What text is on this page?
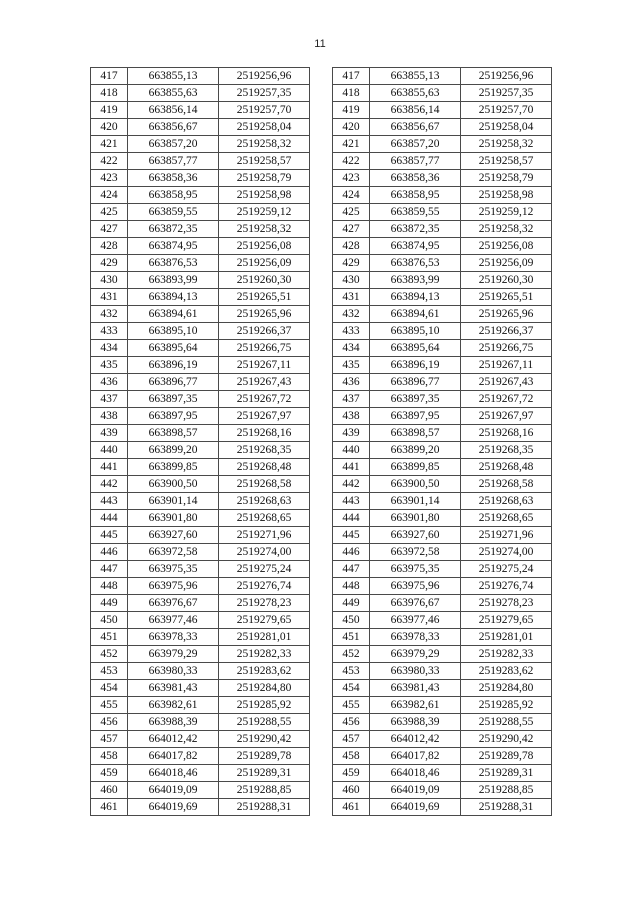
11
417	663855,13	2519256,96
418	663855,63	2519257,35
419	663856,14	2519257,70
420	663856,67	2519258,04
421	663857,20	2519258,32
422	663857,77	2519258,57
423	663858,36	2519258,79
424	663858,95	2519258,98
425	663859,55	2519259,12
427	663872,35	2519258,32
428	663874,95	2519256,08
429	663876,53	2519256,09
430	663893,99	2519260,30
431	663894,13	2519265,51
432	663894,61	2519265,96
433	663895,10	2519266,37
434	663895,64	2519266,75
435	663896,19	2519267,11
436	663896,77	2519267,43
437	663897,35	2519267,72
438	663897,95	2519267,97
439	663898,57	2519268,16
440	663899,20	2519268,35
441	663899,85	2519268,48
442	663900,50	2519268,58
443	663901,14	2519268,63
444	663901,80	2519268,65
445	663927,60	2519271,96
446	663972,58	2519274,00
447	663975,35	2519275,24
448	663975,96	2519276,74
449	663976,67	2519278,23
450	663977,46	2519279,65
451	663978,33	2519281,01
452	663979,29	2519282,33
453	663980,33	2519283,62
454	663981,43	2519284,80
455	663982,61	2519285,92
456	663988,39	2519288,55
457	664012,42	2519290,42
458	664017,82	2519289,78
459	664018,46	2519289,31
460	664019,09	2519288,85
461	664019,69	2519288,31
417	663855,13	2519256,96
418	663855,63	2519257,35
419	663856,14	2519257,70
420	663856,67	2519258,04
421	663857,20	2519258,32
422	663857,77	2519258,57
423	663858,36	2519258,79
424	663858,95	2519258,98
425	663859,55	2519259,12
427	663872,35	2519258,32
428	663874,95	2519256,08
429	663876,53	2519256,09
430	663893,99	2519260,30
431	663894,13	2519265,51
432	663894,61	2519265,96
433	663895,10	2519266,37
434	663895,64	2519266,75
435	663896,19	2519267,11
436	663896,77	2519267,43
437	663897,35	2519267,72
438	663897,95	2519267,97
439	663898,57	2519268,16
440	663899,20	2519268,35
441	663899,85	2519268,48
442	663900,50	2519268,58
443	663901,14	2519268,63
444	663901,80	2519268,65
445	663927,60	2519271,96
446	663972,58	2519274,00
447	663975,35	2519275,24
448	663975,96	2519276,74
449	663976,67	2519278,23
450	663977,46	2519279,65
451	663978,33	2519281,01
452	663979,29	2519282,33
453	663980,33	2519283,62
454	663981,43	2519284,80
455	663982,61	2519285,92
456	663988,39	2519288,55
457	664012,42	2519290,42
458	664017,82	2519289,78
459	664018,46	2519289,31
460	664019,09	2519288,85
461	664019,69	2519288,31
